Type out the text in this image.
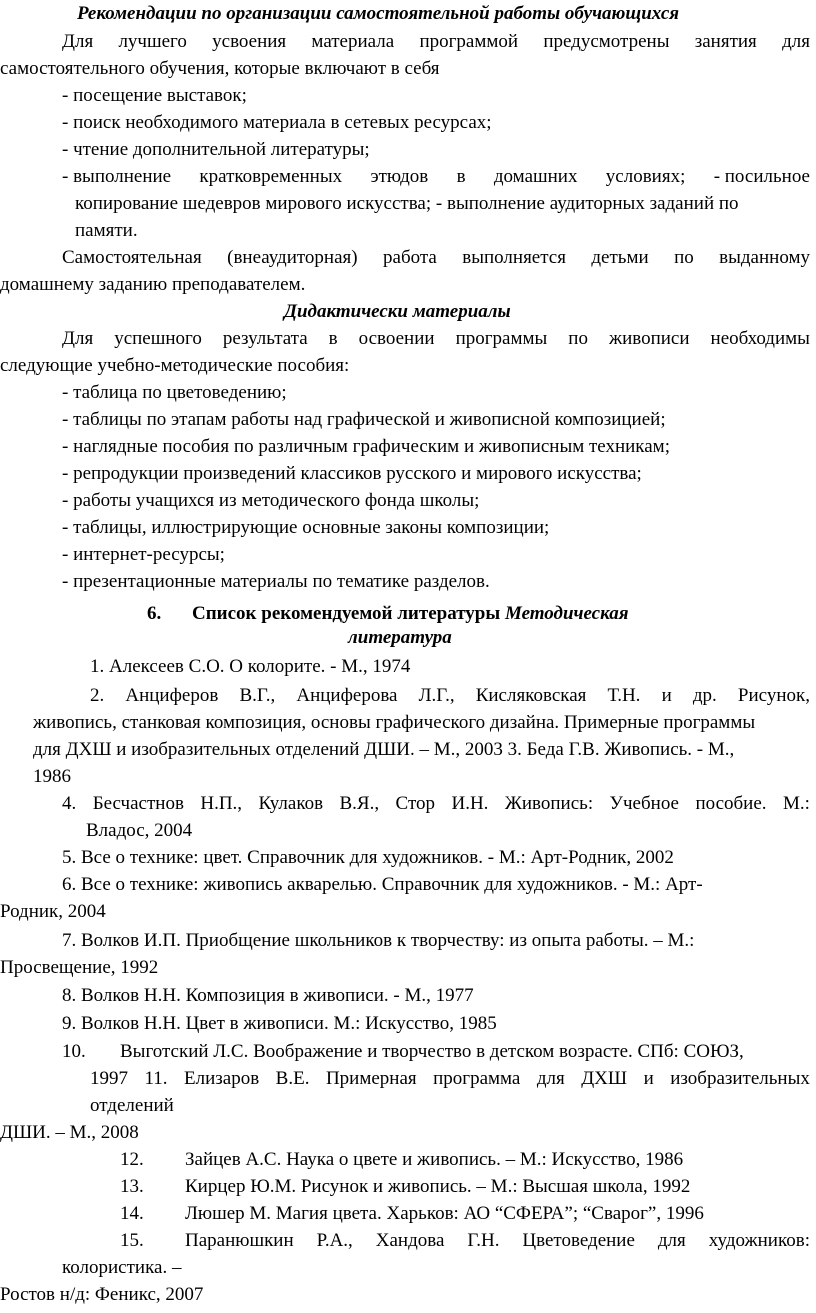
Рекомендации по организации самостоятельной работы обучающихся
Для лучшего усвоения материала программой предусмотрены занятия для
самостоятельного обучения, которые включают в себя
- посещение выставок;
- поиск необходимого материала в сетевых ресурсах;
- чтение дополнительной литературы;
- выполнение кратковременных этюдов в домашних условиях; - посильное
копирование шедевров мирового искусства; - выполнение аудиторных заданий по
памяти.
Самостоятельная (внеаудиторная) работа выполняется детьми по выданному
домашнему заданию преподавателем.
Дидактически материалы
Для успешного результата в освоении программы по живописи необходимы
следующие учебно-методические пособия:
- таблица по цветоведению;
- таблицы по этапам работы над графической и живописной композицией;
- наглядные пособия по различным графическим и живописным техникам;
- репродукции произведений классиков русского и мирового искусства;
- работы учащихся из методического фонда школы;
- таблицы, иллюстрирующие основные законы композиции;
- интернет-ресурсы;
- презентационные материалы по тематике разделов.
6. Список рекомендуемой литературы Методическая
литература
1. Алексеев С.О. О колорите. - М., 1974
2. Анциферов В.Г., Анциферова Л.Г., Кисляковская Т.Н. и др. Рисунок,
живопись, станковая композиция, основы графического дизайна. Примерные программы
для ДХШ и изобразительных отделений ДШИ. – М., 2003 3. Беда Г.В. Живопись. - М.,
1986
4. Бесчастнов Н.П., Кулаков В.Я., Стор И.Н. Живопись: Учебное пособие. М.:
Владос, 2004
5. Все о технике: цвет. Справочник для художников. - М.: Арт-Родник, 2002
6. Все о технике: живопись акварелью. Справочник для художников. - М.: Арт-
Родник, 2004
7. Волков И.П. Приобщение школьников к творчеству: из опыта работы. – М.:
Просвещение, 1992
8. Волков Н.Н. Композиция в живописи. - М., 1977
9. Волков Н.Н. Цвет в живописи. М.: Искусство, 1985
10. Выготский Л.С. Воображение и творчество в детском возрасте. СПб: СОЮЗ,
1997 11. Елизаров В.Е. Примерная программа для ДХШ и изобразительных
отделений
ДШИ. – М., 2008
12. Зайцев А.С. Наука о цвете и живопись. – М.: Искусство, 1986
13. Кирцер Ю.М. Рисунок и живопись. – М.: Высшая школа, 1992
14. Люшер М. Магия цвета. Харьков: АО “СФЕРА”; “Сварог”, 1996
15. Паранюшкин Р.А., Хандова Г.Н. Цветоведение для художников:
колористика. –
Ростов н/д: Феникс, 2007
